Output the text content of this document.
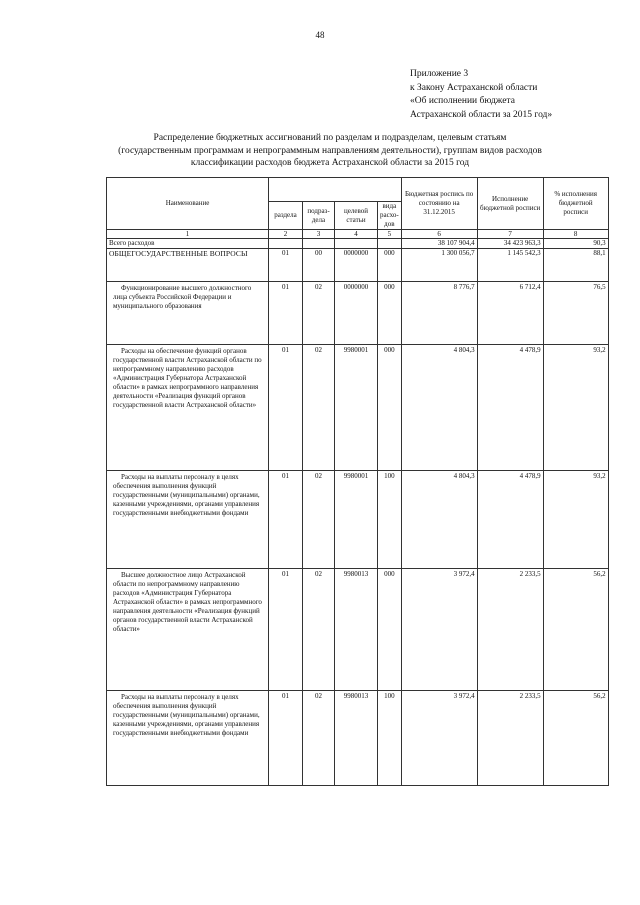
48
Приложение 3
к Закону Астраханской области
«Об исполнении бюджета
Астраханской области за 2015 год»
Распределение бюджетных ассигнований по разделам и подразделам, целевым статьям
(государственным программам и непрограммным направлениям деятельности), группам видов расходов
классификации расходов бюджета Астраханской области за 2015 год
Наименование					Бюджетная роспись по состоянию на 31.12.2015	Исполнение бюджетной росписи	% исполнения бюджетной росписи
	раздела	подраз-дела	целевой статьи	вида расхо-дов			
1	2	3	4	5	6	7	8
Всего расходов					38 107 904,4	34 423 963,3	90,3
ОБЩЕГОСУДАРСТВЕННЫЕ ВОПРОСЫ	01	00	0000000	000	1 300 056,7	1 145 542,3	88,1

Функционирование высшего должностного лица субъекта Российской Федерации и муниципального образования	01	02	0000000	000	8 776,7	6 712,4	76,5

Расходы на обеспечение функций органов государственной власти Астраханской области по непрограммному направлению расходов «Администрация Губернатора Астраханской области» в рамках непрограммного направления деятельности «Реализация функций органов государственной власти Астраханской области»	01	02	9980001	000	4 804,3	4 478,9	93,2

Расходы на выплаты персоналу в целях обеспечения выполнения функций государственными (муниципальными) органами, казенными учреждениями, органами управления государственными внебюджетными фондами	01	02	9980001	100	4 804,3	4 478,9	93,2

Высшее должностное лицо Астраханской области по непрограммному направлению расходов «Администрация Губернатора Астраханской области» в рамках непрограммного направления деятельности «Реализация функций органов государственной власти Астраханской области»	01	02	9980013	000	3 972,4	2 233,5	56,2

Расходы на выплаты персоналу в целях обеспечения выполнения функций государственными (муниципальными) органами, казенными учреждениями, органами управления государственными внебюджетными фондами	01	02	9980013	100	3 972,4	2 233,5	56,2
